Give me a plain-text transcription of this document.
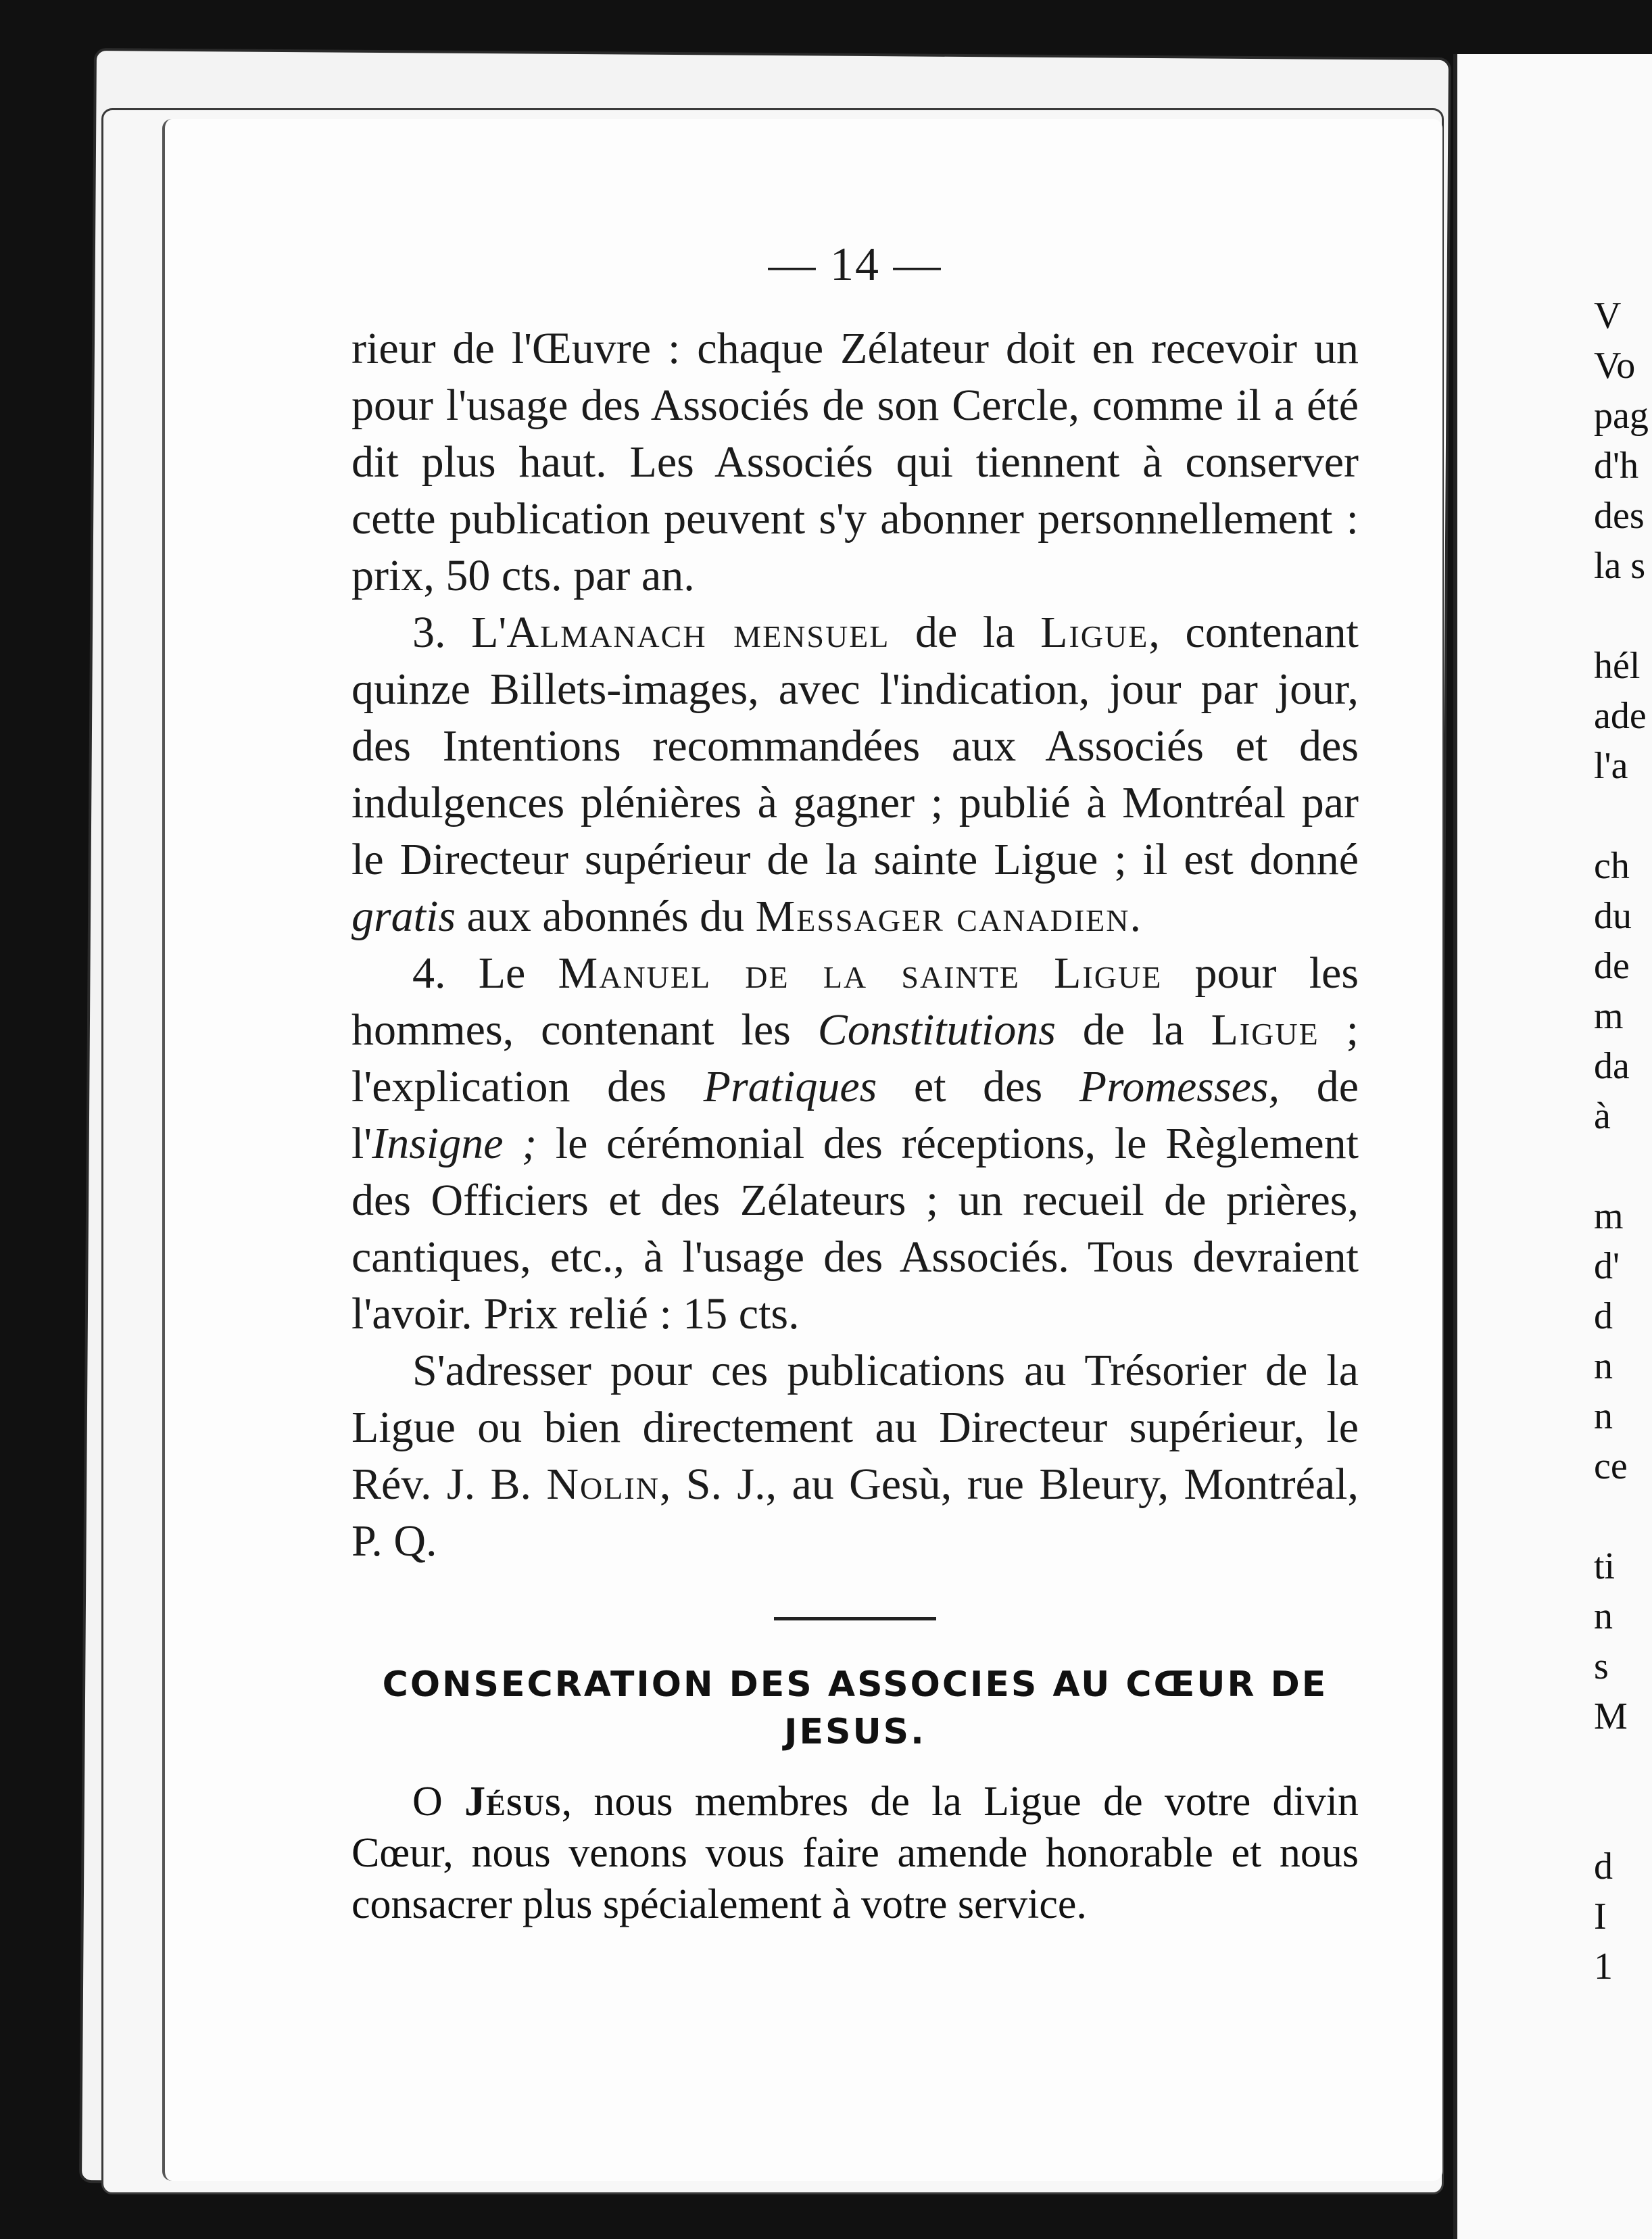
V
Vo
pag
d'h
des
la s

hél
ade
l'a

ch
du
de
m
da
à

m
d'
d
n
n
ce

ti
n
s
M

d
I
1
— 14 —

rieur de l'Œuvre : chaque Zélateur doit en recevoir un pour l'usage des Associés de son Cercle, comme il a été dit plus haut. Les Associés qui tiennent à conserver cette publication peuvent s'y abonner personnellement : prix, 50 cts. par an.

3. L'Almanach mensuel de la Ligue, contenant quinze Billets-images, avec l'indication, jour par jour, des Intentions recommandées aux Associés et des indulgences plénières à gagner ; publié à Montréal par le Directeur supérieur de la sainte Ligue ; il est donné gratis aux abonnés du Messager canadien.

4. Le Manuel de la sainte Ligue pour les hommes, contenant les Constitutions de la Ligue ; l'explication des Pratiques et des Promesses, de l'Insigne ; le cérémonial des réceptions, le Règlement des Officiers et des Zélateurs ; un recueil de prières, cantiques, etc., à l'usage des Associés. Tous devraient l'avoir. Prix relié : 15 cts.

S'adresser pour ces publications au Trésorier de la Ligue ou bien directement au Directeur supérieur, le Rév. J. B. Nolin, S. J., au Gesù, rue Bleury, Montréal, P. Q.

CONSECRATION DES ASSOCIES AU CŒUR DE JESUS.

O Jésus, nous membres de la Ligue de votre divin Cœur, nous venons vous faire amende honorable et nous consacrer plus spécialement à votre service.
